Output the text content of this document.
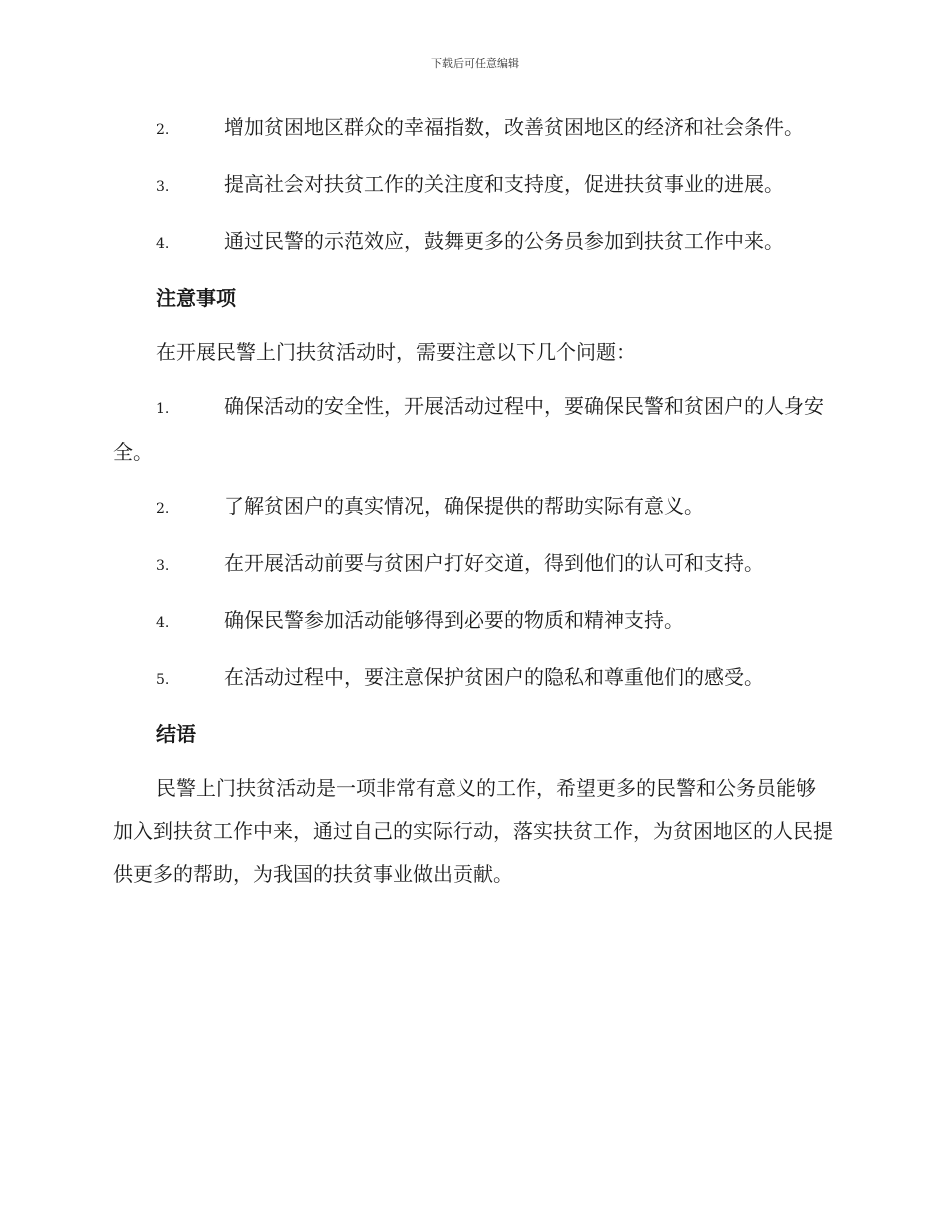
下载后可任意编辑
2.	增加贫困地区群众的幸福指数，改善贫困地区的经济和社会条件。
3.	提高社会对扶贫工作的关注度和支持度，促进扶贫事业的进展。
4.	通过民警的示范效应，鼓舞更多的公务员参加到扶贫工作中来。
注意事项
在开展民警上门扶贫活动时，需要注意以下几个问题：
1.	确保活动的安全性，开展活动过程中，要确保民警和贫困户的人身安全。
2.	了解贫困户的真实情况，确保提供的帮助实际有意义。
3.	在开展活动前要与贫困户打好交道，得到他们的认可和支持。
4.	确保民警参加活动能够得到必要的物质和精神支持。
5.	在活动过程中，要注意保护贫困户的隐私和尊重他们的感受。
结语
民警上门扶贫活动是一项非常有意义的工作，希望更多的民警和公务员能够加入到扶贫工作中来，通过自己的实际行动，落实扶贫工作，为贫困地区的人民提供更多的帮助，为我国的扶贫事业做出贡献。
